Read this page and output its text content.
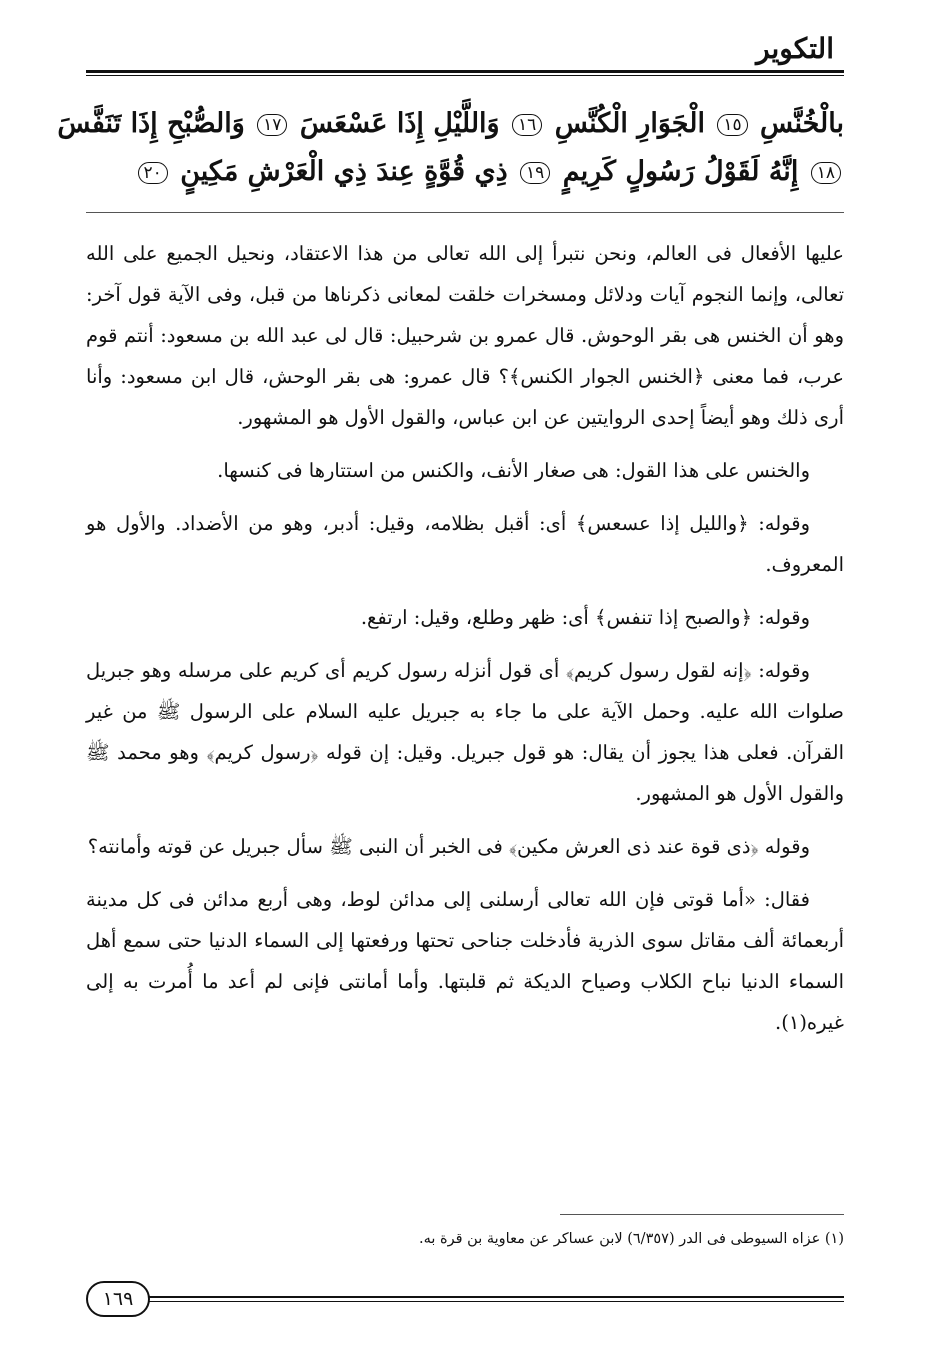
التكوير
بالْخُنَّسِ ١٥ الْجَوَارِ الْكُنَّسِ ١٦ وَاللَّيْلِ إِذَا عَسْعَسَ ١٧ وَالصُّبْحِ إِذَا تَنَفَّسَ
١٨ إِنَّهُ لَقَوْلُ رَسُولٍ كَرِيمٍ ١٩ ذِي قُوَّةٍ عِندَ ذِي الْعَرْشِ مَكِينٍ ٢٠

عليها الأفعال فى العالم، ونحن نتبرأ إلى الله تعالى من هذا الاعتقاد، ونحيل الجميع على الله تعالى، وإنما النجوم آيات ودلائل ومسخرات خلقت لمعانى ذكرناها من قبل، وفى الآية قول آخر: وهو أن الخنس هى بقر الوحوش. قال عمرو بن شرحبيل: قال لى عبد الله بن مسعود: أنتم قوم عرب، فما معنى ﴿الخنس الجوار الكنس﴾؟ قال عمرو: هى بقر الوحش، قال ابن مسعود: وأنا أرى ذلك وهو أيضاً إحدى الروايتين عن ابن عباس، والقول الأول هو المشهور.

والخنس على هذا القول: هى صغار الأنف، والكنس من استتارها فى كنسها.

وقوله: ﴿والليل إذا عسعس﴾ أى: أقبل بظلامه، وقيل: أدبر، وهو من الأضداد. والأول هو المعروف.

وقوله: ﴿والصبح إذا تنفس﴾ أى: ظهر وطلع، وقيل: ارتفع.

وقوله: ﴿إنه لقول رسول كريم﴾ أى قول أنزله رسول كريم أى كريم على مرسله وهو جبريل صلوات الله عليه. وحمل الآية على ما جاء به جبريل عليه السلام على الرسول ﷺ من غير القرآن. فعلى هذا يجوز أن يقال: هو قول جبريل. وقيل: إن قوله ﴿رسول كريم﴾ وهو محمد ﷺ والقول الأول هو المشهور.

وقوله ﴿ذى قوة عند ذى العرش مكين﴾ فى الخبر أن النبى ﷺ سأل جبريل عن قوته وأمانته؟

فقال: «أما قوتى فإن الله تعالى أرسلنى إلى مدائن لوط، وهى أربع مدائن فى كل مدينة أربعمائة ألف مقاتل سوى الذرية فأدخلت جناحى تحتها ورفعتها إلى السماء الدنيا حتى سمع أهل السماء الدنيا نباح الكلاب وصياح الديكة ثم قلبتها. وأما أمانتى فإنى لم أعد ما أُمرت به إلى غيره(١).

(١) عزاه السيوطى فى الدر (٦/٣٥٧) لابن عساكر عن معاوية بن قرة به.
١٦٩
